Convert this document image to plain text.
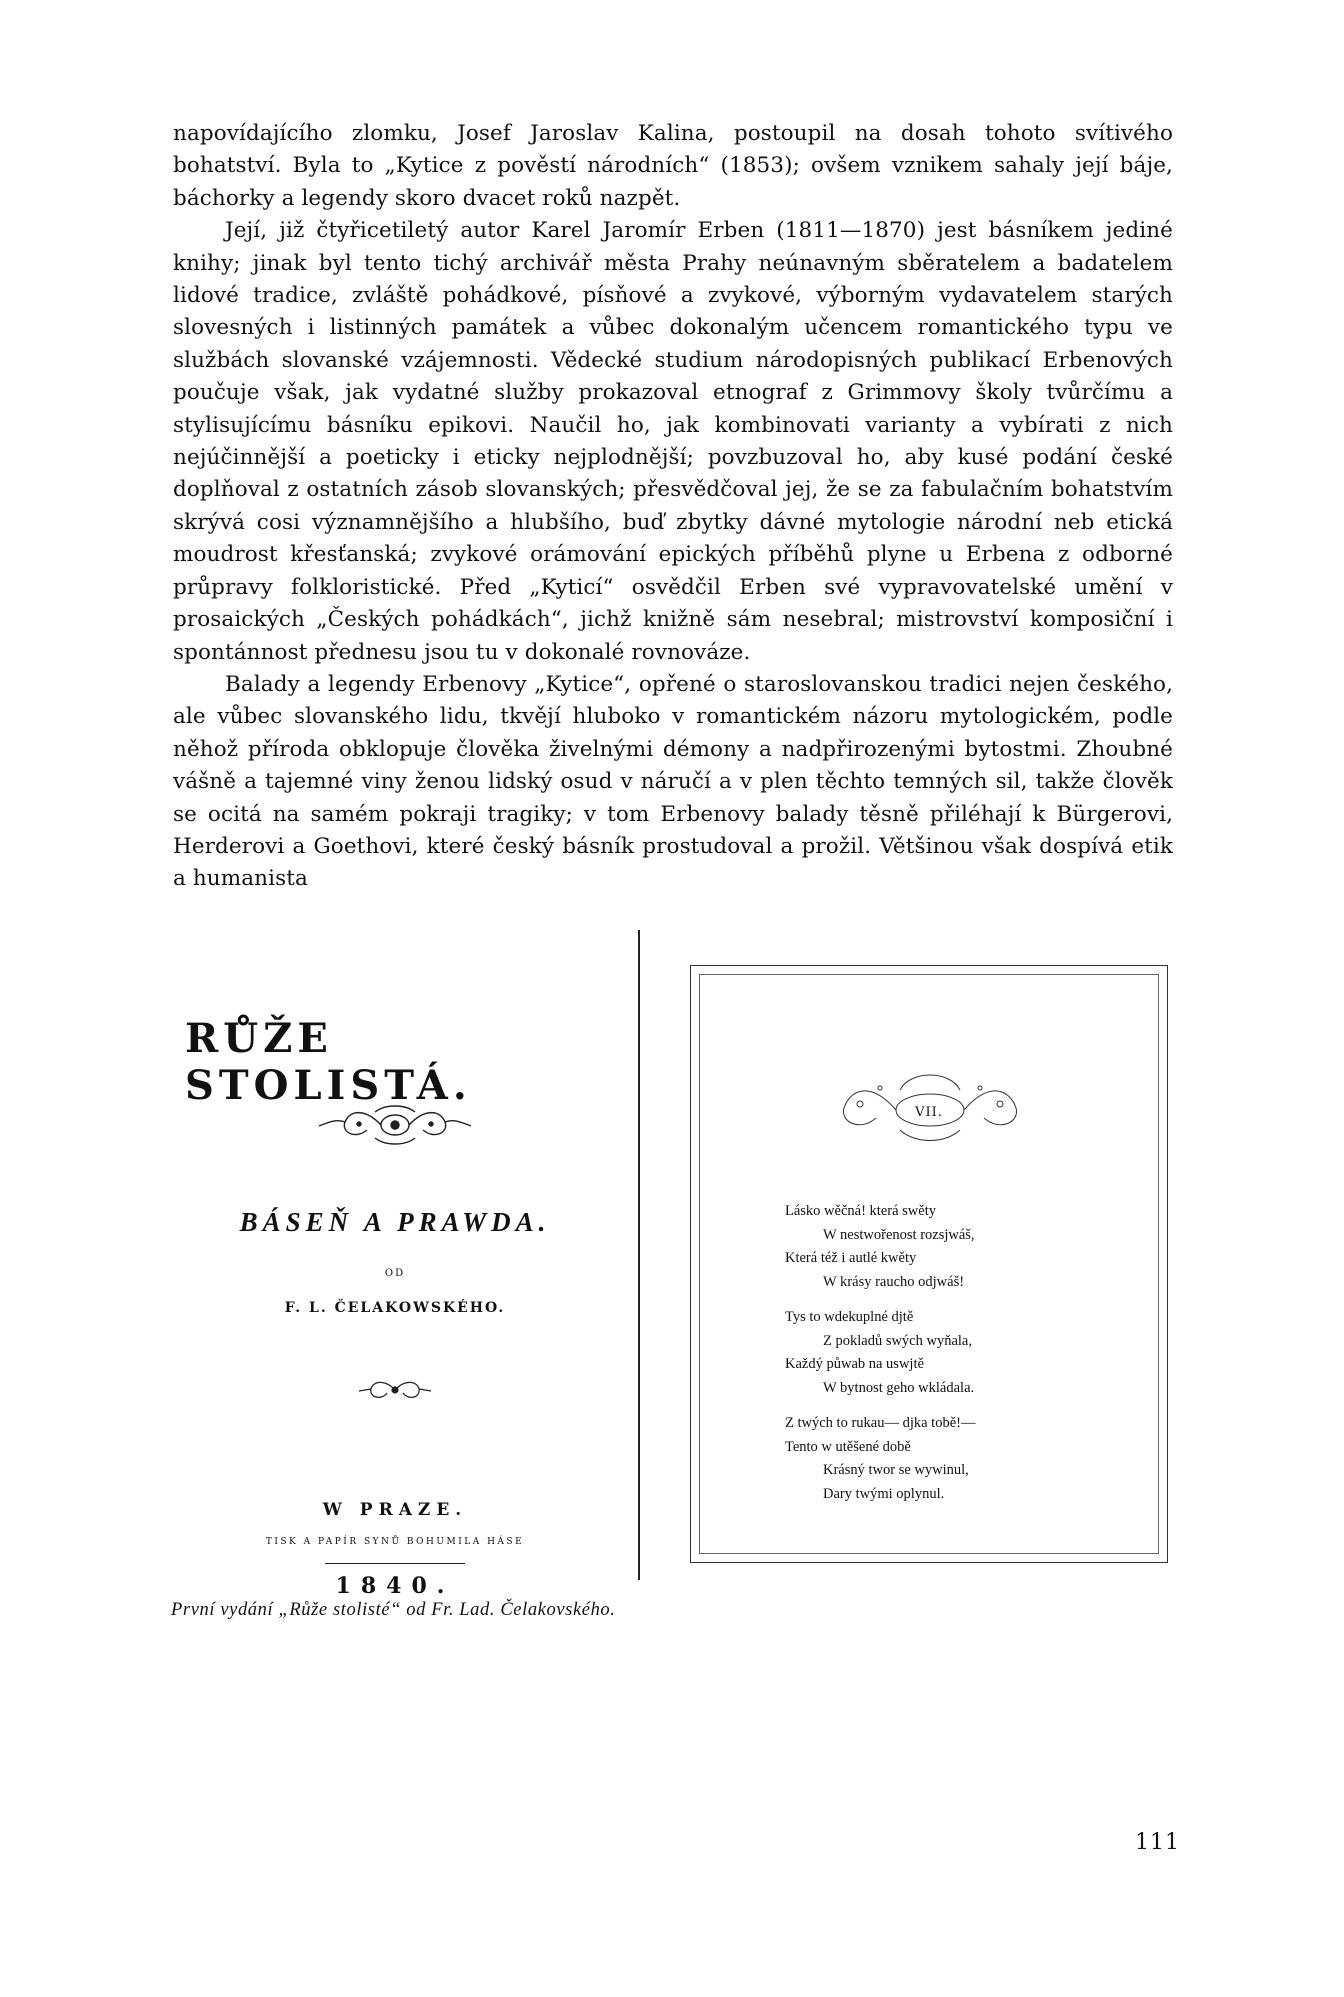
napovídajícího zlomku, Josef Jaroslav Kalina, postoupil na dosah tohoto svítivého bohatství. Byla to „Kytice z pověstí národních“ (1853); ovšem vznikem sahaly její báje, báchorky a legendy skoro dvacet roků nazpět.

Její, již čtyřicetiletý autor Karel Jaromír Erben (1811—1870) jest básníkem jediné knihy; jinak byl tento tichý archivář města Prahy neúnavným sběratelem a badatelem lidové tradice, zvláště pohádkové, písňové a zvykové, výborným vydavatelem starých slovesných i listinných památek a vůbec dokonalým učencem romantického typu ve službách slovanské vzájemnosti. Vědecké studium národopisných publikací Erbenových poučuje však, jak vydatné služby prokazoval etnograf z Grimmovy školy tvůrčímu a stylisujícímu básníku epikovi. Naučil ho, jak kombinovati varianty a vybírati z nich nejúčinnější a poeticky i eticky nejplodnější; povzbuzoval ho, aby kusé podání české doplňoval z ostatních zásob slovanských; přesvědčoval jej, že se za fabulačním bohatstvím skrývá cosi významnějšího a hlubšího, buď zbytky dávné mytologie národní neb etická moudrost křesťanská; zvykové orámování epických příběhů plyne u Erbena z odborné průpravy folkloristické. Před „Kyticí“ osvědčil Erben své vypravovatelské umění v prosaických „Českých pohádkách“, jichž knižně sám nesebral; mistrovství komposiční i spontánnost přednesu jsou tu v dokonalé rovnováze.

Balady a legendy Erbenovy „Kytice“, opřené o staroslovanskou tradici nejen českého, ale vůbec slovanského lidu, tkvějí hluboko v romantickém názoru mytologickém, podle něhož příroda obklopuje člověka živelnými démony a nadpřirozenými bytostmi. Zhoubné vášně a tajemné viny ženou lidský osud v náručí a v plen těchto temných sil, takže člověk se ocitá na samém pokraji tragiky; v tom Erbenovy balady těsně přiléhají k Bürgerovi, Herderovi a Goethovi, které český básník prostudoval a prožil. Většinou však dospívá etik a humanista

RŮŽE STOLISTÁ.
BÁSEŇ A PRAWDA.
OD
F. L. ČELAKOWSKÉHO.
W PRAZE.
TISK A PAPÍR SYNŮ BOHUMILA HÁSE
1840.
VII.
Lásko wěčná! která swěty
W nestwořenost rozsjwáš,
Která též i autlé kwěty
W krásy raucho odjwáš!
Tys to wdekuplné djtě
Z pokladů swých wyňala,
Každý půwab na uswjtě
W bytnost geho wkládala.
Z twých to rukau— djka tobě!—
Tento w utěšené době
Krásný twor se wywinul,
Dary twými oplynul.
První vydání „Růže stolisté“ od Fr. Lad. Čelakovského.
111
